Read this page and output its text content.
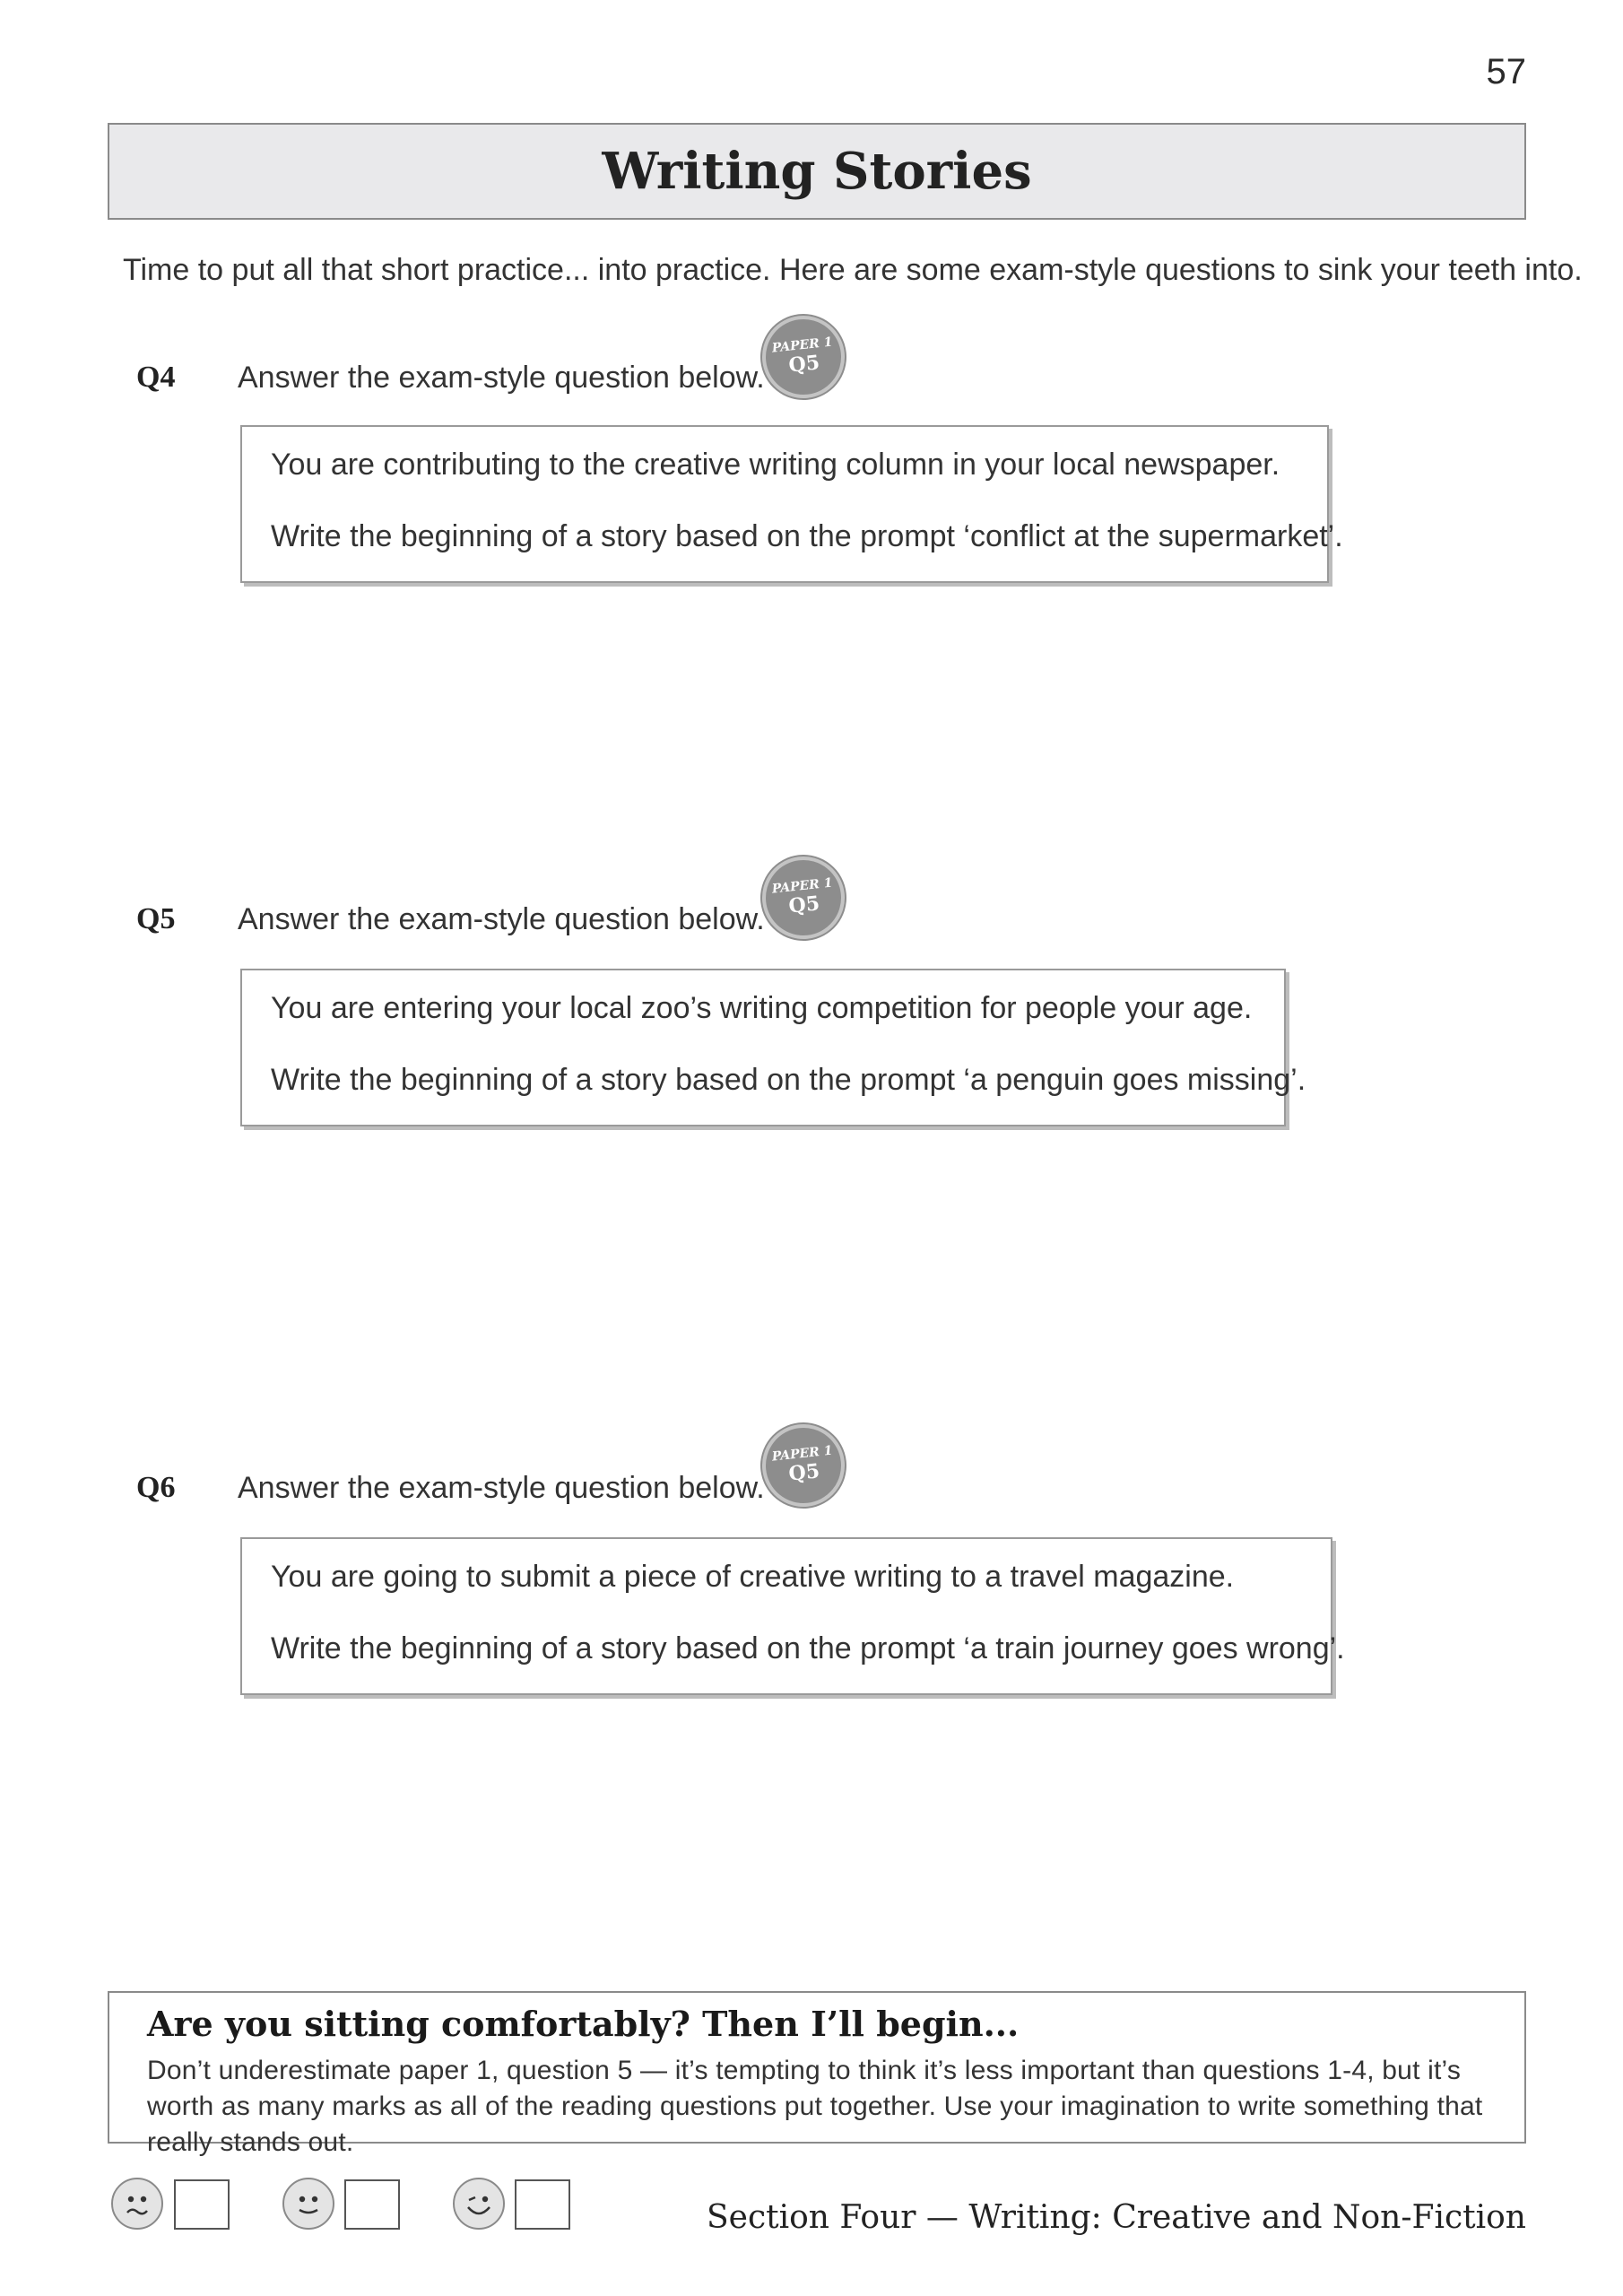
57
Writing Stories
Time to put all that short practice... into practice. Here are some exam-style questions to sink your teeth into.
Q4 Answer the exam-style question below.
PAPER 1
Q5
You are contributing to the creative writing column in your local newspaper.
Write the beginning of a story based on the prompt ‘conflict at the supermarket’.
Q5 Answer the exam-style question below.
PAPER 1
Q5
You are entering your local zoo’s writing competition for people your age.
Write the beginning of a story based on the prompt ‘a penguin goes missing’.
Q6 Answer the exam-style question below.
PAPER 1
Q5
You are going to submit a piece of creative writing to a travel magazine.
Write the beginning of a story based on the prompt ‘a train journey goes wrong’.
Are you sitting comfortably? Then I’ll begin...
Don’t underestimate paper 1, question 5 — it’s tempting to think it’s less important than questions 1-4, but it’s worth as many marks as all of the reading questions put together. Use your imagination to write something that really stands out.
Section Four — Writing: Creative and Non-Fiction
